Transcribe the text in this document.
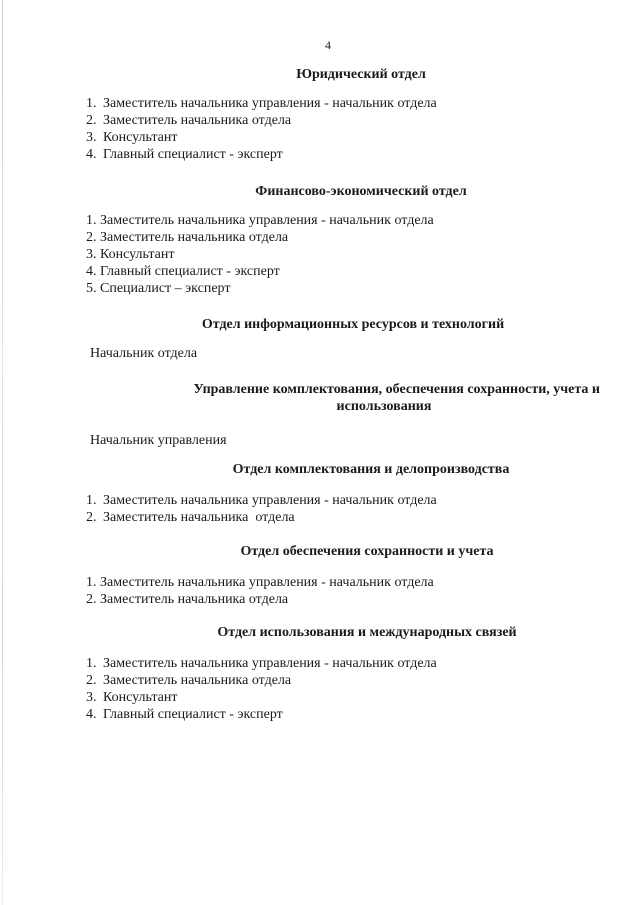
4
Юридический отдел
1. Заместитель начальника управления - начальник отдела
2. Заместитель начальника отдела
3. Консультант
4. Главный специалист - эксперт
Финансово-экономический отдел
1. Заместитель начальника управления - начальник отдела
2. Заместитель начальника отдела
3. Консультант
4. Главный специалист - эксперт
5. Специалист – эксперт
Отдел информационных ресурсов и технологий
Начальник отдела
Управление комплектования, обеспечения сохранности, учета и
использования
Начальник управления
Отдел комплектования и делопроизводства
1. Заместитель начальника управления - начальник отдела
2. Заместитель начальника  отдела
Отдел обеспечения сохранности и учета
1. Заместитель начальника управления - начальник отдела
2. Заместитель начальника отдела
Отдел использования и международных связей
1. Заместитель начальника управления - начальник отдела
2. Заместитель начальника отдела
3. Консультант
4. Главный специалист - эксперт
